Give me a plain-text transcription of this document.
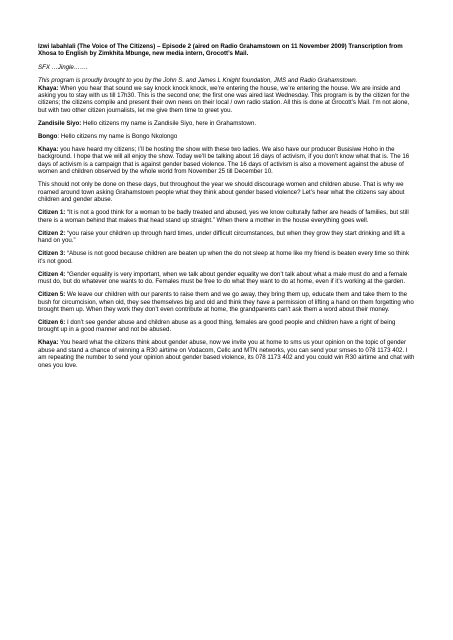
Izwi labahlali (The Voice of The Citizens) – Episode 2 (aired on Radio Grahamstown on 11 November 2009) Transcription from Xhosa to English by Zimkhita Mbunge, new media intern, Grocott’s Mail.

SFX …Jingle…….

This program is proudly brought to you by the John S. and James L Knight foundation, JMS and Radio Grahamstown.

Khaya: When you hear that sound we say knock knock knock, we’re entering the house, we’re entering the house. We are inside and asking you to stay with us till 17h30. This is the second one; the first one was aired last Wednesday. This program is by the citizen for the citizens; the citizens compile and present their own news on their local / own radio station. All this is done at Grocott’s Mail. I’m not alone, but with two other citizen journalists, let me give them time to greet you.

Zandisile Siyo: Hello citizens my name is Zandisile Siyo, here in Grahamstown.

Bongo: Hello citizens my name is Bongo Nkolongo

Khaya: you have heard my citizens; I’ll be hosting the show with these two ladies. We also have our producer Busisiwe Hoho in the background. I hope that we will all enjoy the show. Today we’ll be talking about 16 days of activism, if you don’t know what that is. The 16 days of activism is a campaign that is against gender based violence. The 16 days of activism is also a movement against the abuse of women and children observed by the whole world from November 25 till December 10.

This should not only be done on these days, but throughout the year we should discourage women and children abuse. That is why we roamed around town asking Grahamstown people what they think about gender based violence? Let’s hear what the citizens say about children and gender abuse.

Citizen 1: “It is not a good think for a woman to be badly treated and abused, yes we know culturally father are heads of families, but still there is a woman behind that makes that head stand up straight.” When there a mother in the house everything goes well.

Citizen 2: “you raise your children up through hard times, under difficult circumstances, but when they grow they start drinking and lift a hand on you.”

Citizen 3: “Abuse is not good because children are beaten up when the do not sleep at home like my friend is beaten every time so think it’s not good.

Citizen 4: “Gender equality is very important, when we talk about gender equality we don’t talk about what a male must do and a female must do, but do whatever one wants to do. Females must be free to do what they want to do at home, even if it’s working at the garden.

Citizen 5: We leave our children with our parents to raise them and we go away, they bring them up, educate them and take them to the bush for circumcision, when old, they see themselves big and old and think they have a permission of lifting a hand on them forgetting who brought them up. When they work they don’t even contribute at home, the grandparents can’t ask them a word about their money.

Citizen 6: I don’t see gender abuse and children abuse as a good thing, females are good people and children have a right of being brought up in a good manner and not be abused.

Khaya: You heard what the citizens think about gender abuse, now we invite you at home to sms us your opinion on the topic of gender abuse and stand a chance of winning a R30 airtime on Vodacom, Cellc and MTN networks, you can send your smses to 078 1173 402. I am repeating the number to send your opinion about gender based violence, its 078 1173 402 and you could win R30 airtime and chat with ones you love.
